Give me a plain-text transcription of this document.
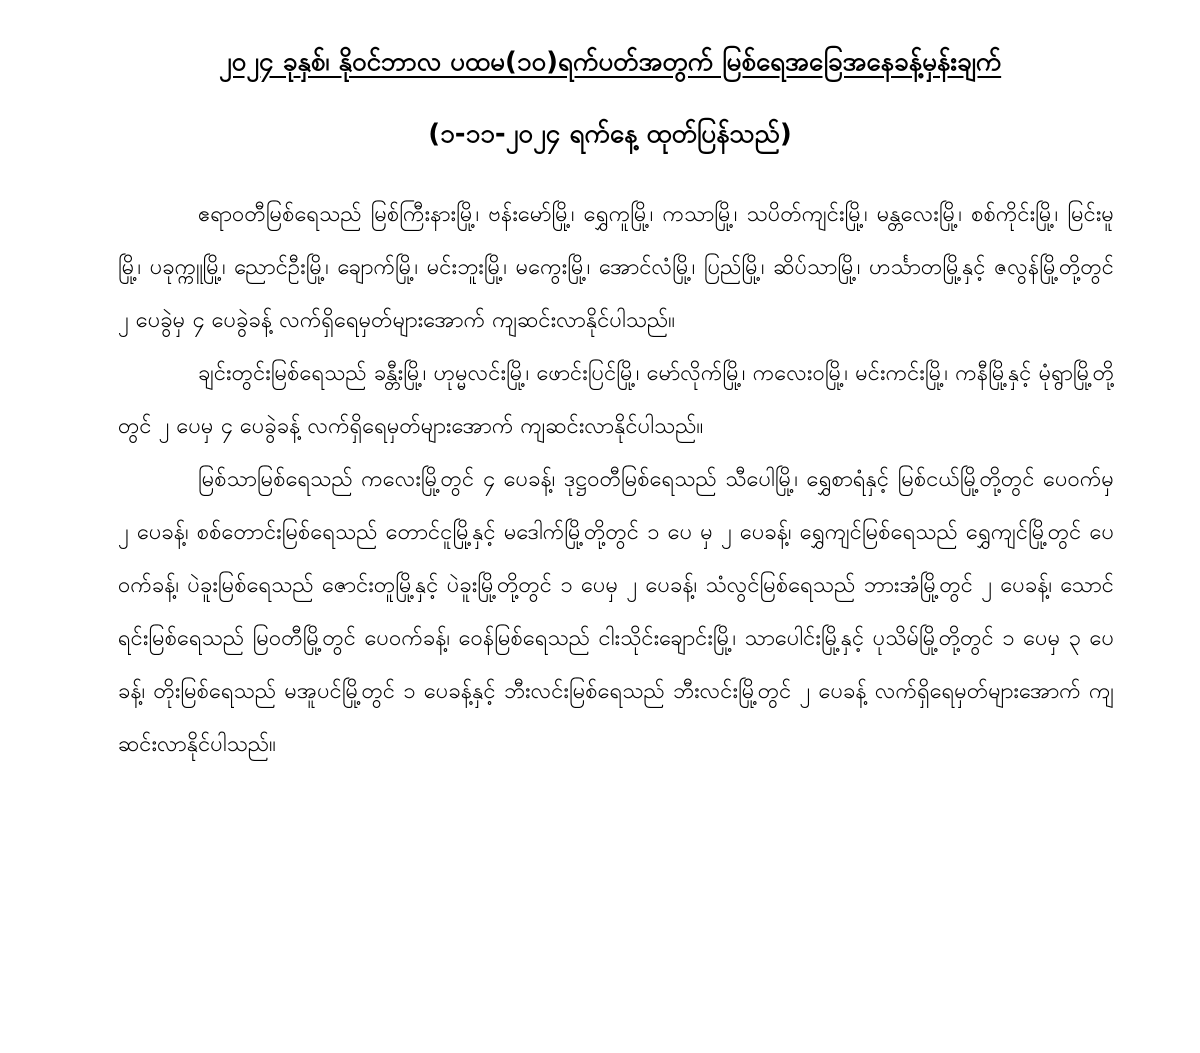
၂၀၂၄ ခုနှစ်၊ နိုဝင်ဘာလ ပထမ(၁၀)ရက်ပတ်အတွက် မြစ်ရေအခြေအနေခန့်မှန်းချက်
(၁-၁၁-၂၀၂၄ ရက်နေ့ ထုတ်ပြန်သည်)

ဧရာဝတီမြစ်ရေသည် မြစ်ကြီးနားမြို့၊ ဗန်းမော်မြို့၊ ရွှေကူမြို့၊ ကသာမြို့၊ သပိတ်ကျင်းမြို့၊ မန္တလေးမြို့၊ စစ်ကိုင်းမြို့၊ မြင်းမူမြို့၊ ပခုက္ကူမြို့၊ ညောင်ဦးမြို့၊ ချောက်မြို့၊ မင်းဘူးမြို့၊ မကွေးမြို့၊ အောင်လံမြို့၊ ပြည်မြို့၊ ဆိပ်သာမြို့၊ ဟင်္သာတမြို့နှင့် ဇလွန်မြို့တို့တွင် ၂ ပေခွဲမှ ၄ ပေခွဲခန့် လက်ရှိရေမှတ်များအောက် ကျဆင်းလာနိုင်ပါသည်။

ချင်းတွင်းမြစ်ရေသည် ခန္တီးမြို့၊ ဟုမ္မလင်းမြို့၊ ဖောင်းပြင်မြို့၊ မော်လိုက်မြို့၊ ကလေးဝမြို့၊ မင်းကင်းမြို့၊ ကနီမြို့နှင့် မုံရွာမြို့တို့တွင် ၂ ပေမှ ၄ ပေခွဲခန့် လက်ရှိရေမှတ်များအောက် ကျဆင်းလာနိုင်ပါသည်။

မြစ်သာမြစ်ရေသည် ကလေးမြို့တွင် ၄ ပေခန့်၊ ဒုဋ္ဌဝတီမြစ်ရေသည် သီပေါမြို့၊ ရွှေစာရံနှင့် မြစ်ငယ်မြို့တို့တွင် ပေဝက်မှ ၂ ပေခန့်၊ စစ်တောင်းမြစ်ရေသည် တောင်ငူမြို့နှင့် မဒေါက်မြို့တို့တွင် ၁ ပေ မှ ၂ ပေခန့်၊ ရွှေကျင်မြစ်ရေသည် ရွှေကျင်မြို့တွင် ပေဝက်ခန့်၊ ပဲခူးမြစ်ရေသည် ဇောင်းတူမြို့နှင့် ပဲခူးမြို့တို့တွင် ၁ ပေမှ ၂ ပေခန့်၊ သံလွင်မြစ်ရေသည် ဘားအံမြို့တွင် ၂ ပေခန့်၊ သောင်ရင်းမြစ်ရေသည် မြဝတီမြို့တွင် ပေဝက်ခန့်၊ ဝေန်မြစ်ရေသည် ငါးသိုင်းချောင်းမြို့၊ သာပေါင်းမြို့နှင့် ပုသိမ်မြို့တို့တွင် ၁ ပေမှ ၃ ပေခန့်၊ တိုးမြစ်ရေသည် မအူပင်မြို့တွင် ၁ ပေခန့်နှင့် ဘီးလင်းမြစ်ရေသည် ဘီးလင်းမြို့တွင် ၂ ပေခန့် လက်ရှိရေမှတ်များအောက် ကျဆင်းလာနိုင်ပါသည်။
